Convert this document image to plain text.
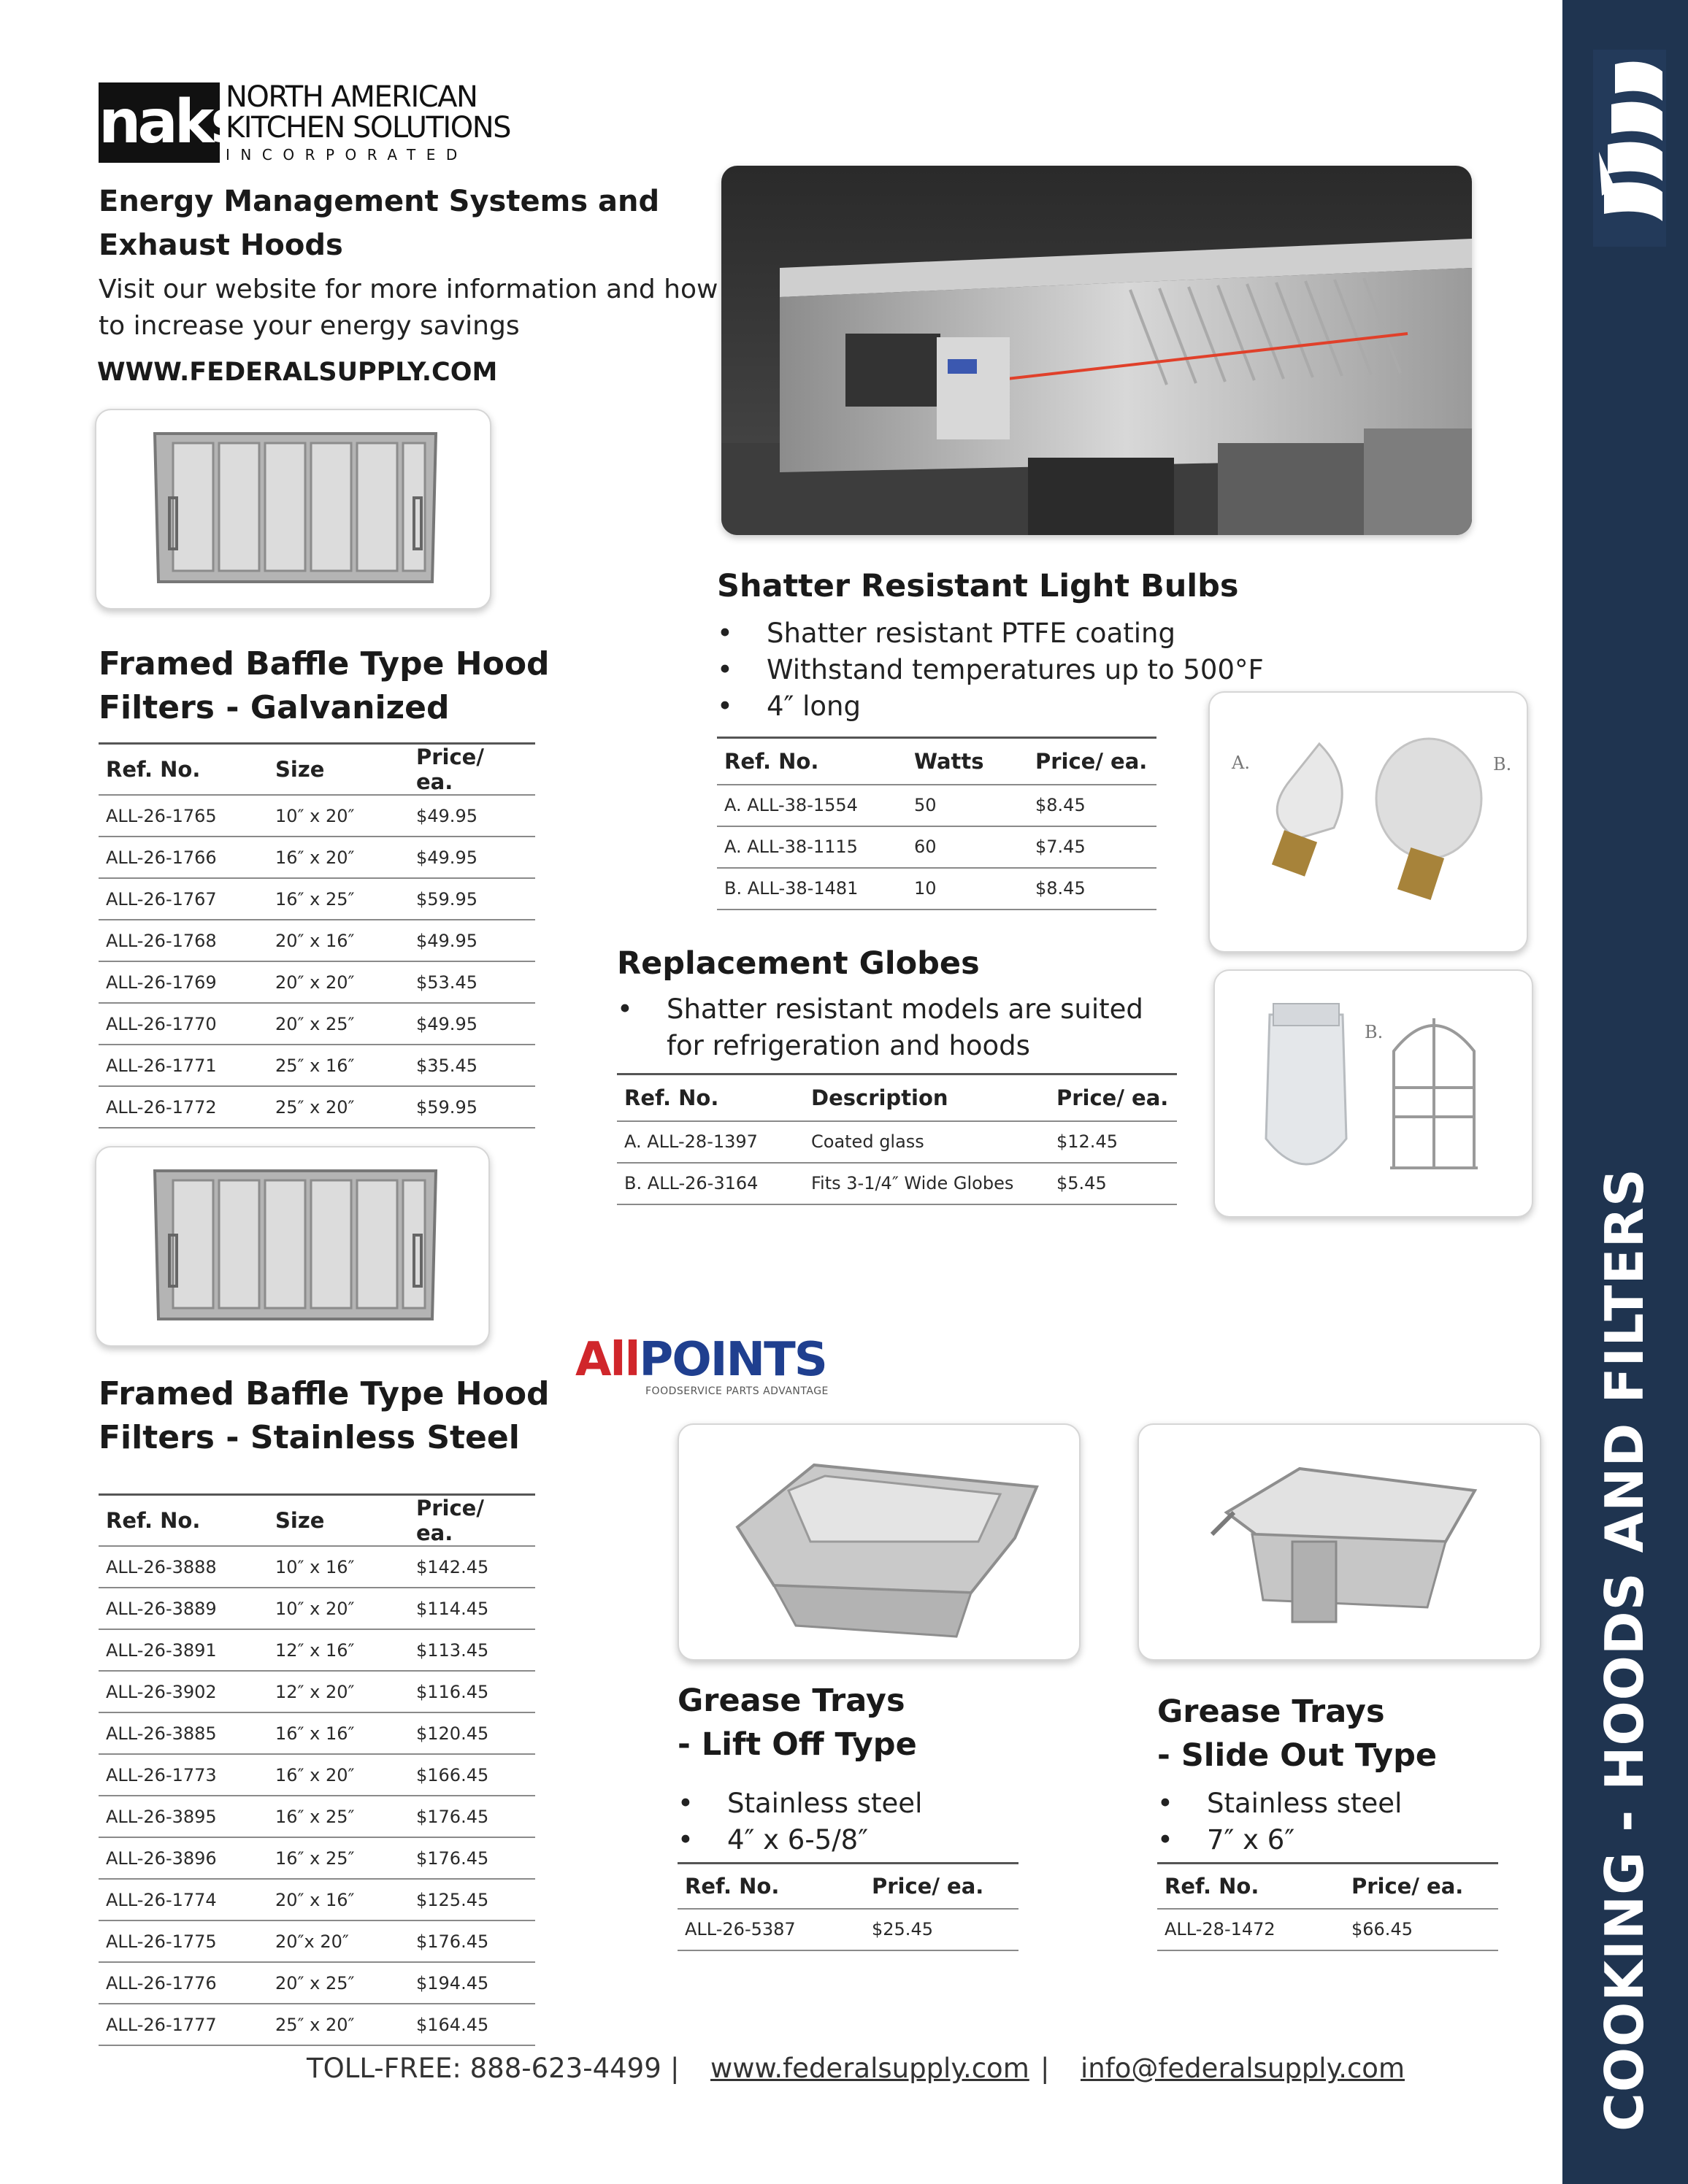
COOKING - HOODS AND FILTERS
naks
NORTH AMERICAN
KITCHEN SOLUTIONS
INCORPORATED
Energy Management Systems and
Exhaust Hoods
Visit our website for more information and how
to increase your energy savings
WWW.FEDERALSUPPLY.COM
Framed Baffle Type Hood
Filters - Galvanized
Ref. No.	Size	Price/ ea.
ALL-26-1765	10″ x 20″	$49.95
ALL-26-1766	16″ x 20″	$49.95
ALL-26-1767	16″ x 25″	$59.95
ALL-26-1768	20″ x 16″	$49.95
ALL-26-1769	20″ x 20″	$53.45
ALL-26-1770	20″ x 25″	$49.95
ALL-26-1771	25″ x 16″	$35.45
ALL-26-1772	25″ x 20″	$59.95
Framed Baffle Type Hood
Filters - Stainless Steel
Ref. No.	Size	Price/ ea.
ALL-26-3888	10″ x 16″	$142.45
ALL-26-3889	10″ x 20″	$114.45
ALL-26-3891	12″ x 16″	$113.45
ALL-26-3902	12″ x 20″	$116.45
ALL-26-3885	16″ x 16″	$120.45
ALL-26-1773	16″ x 20″	$166.45
ALL-26-3895	16″ x 25″	$176.45
ALL-26-3896	16″ x 25″	$176.45
ALL-26-1774	20″ x 16″	$125.45
ALL-26-1775	20″x 20″	$176.45
ALL-26-1776	20″ x 25″	$194.45
ALL-26-1777	25″ x 20″	$164.45
Shatter Resistant Light Bulbs
• Shatter resistant PTFE coating
• Withstand temperatures up to 500°F
• 4″ long
Ref. No.	Watts	Price/ ea.
A. ALL-38-1554	50	$8.45
A. ALL-38-1115	60	$7.45
B. ALL-38-1481	10	$8.45
A.	B.
Replacement Globes
• Shatter resistant models are suited
for refrigeration and hoods
Ref. No.	Description	Price/ ea.
A. ALL-28-1397	Coated glass	$12.45
B. ALL-26-3164	Fits 3-1/4″ Wide Globes	$5.45
B.
AllPOINTS
FOODSERVICE PARTS ADVANTAGE
Grease Trays
- Lift Off Type
• Stainless steel
• 4″ x 6-5/8″
Ref. No.	Price/ ea.
ALL-26-5387	$25.45
Grease Trays
- Slide Out Type
• Stainless steel
• 7″ x 6″
Ref. No.	Price/ ea.
ALL-28-1472	$66.45
TOLL-FREE: 888-623-4499 | www.federalsupply.com | info@federalsupply.com
